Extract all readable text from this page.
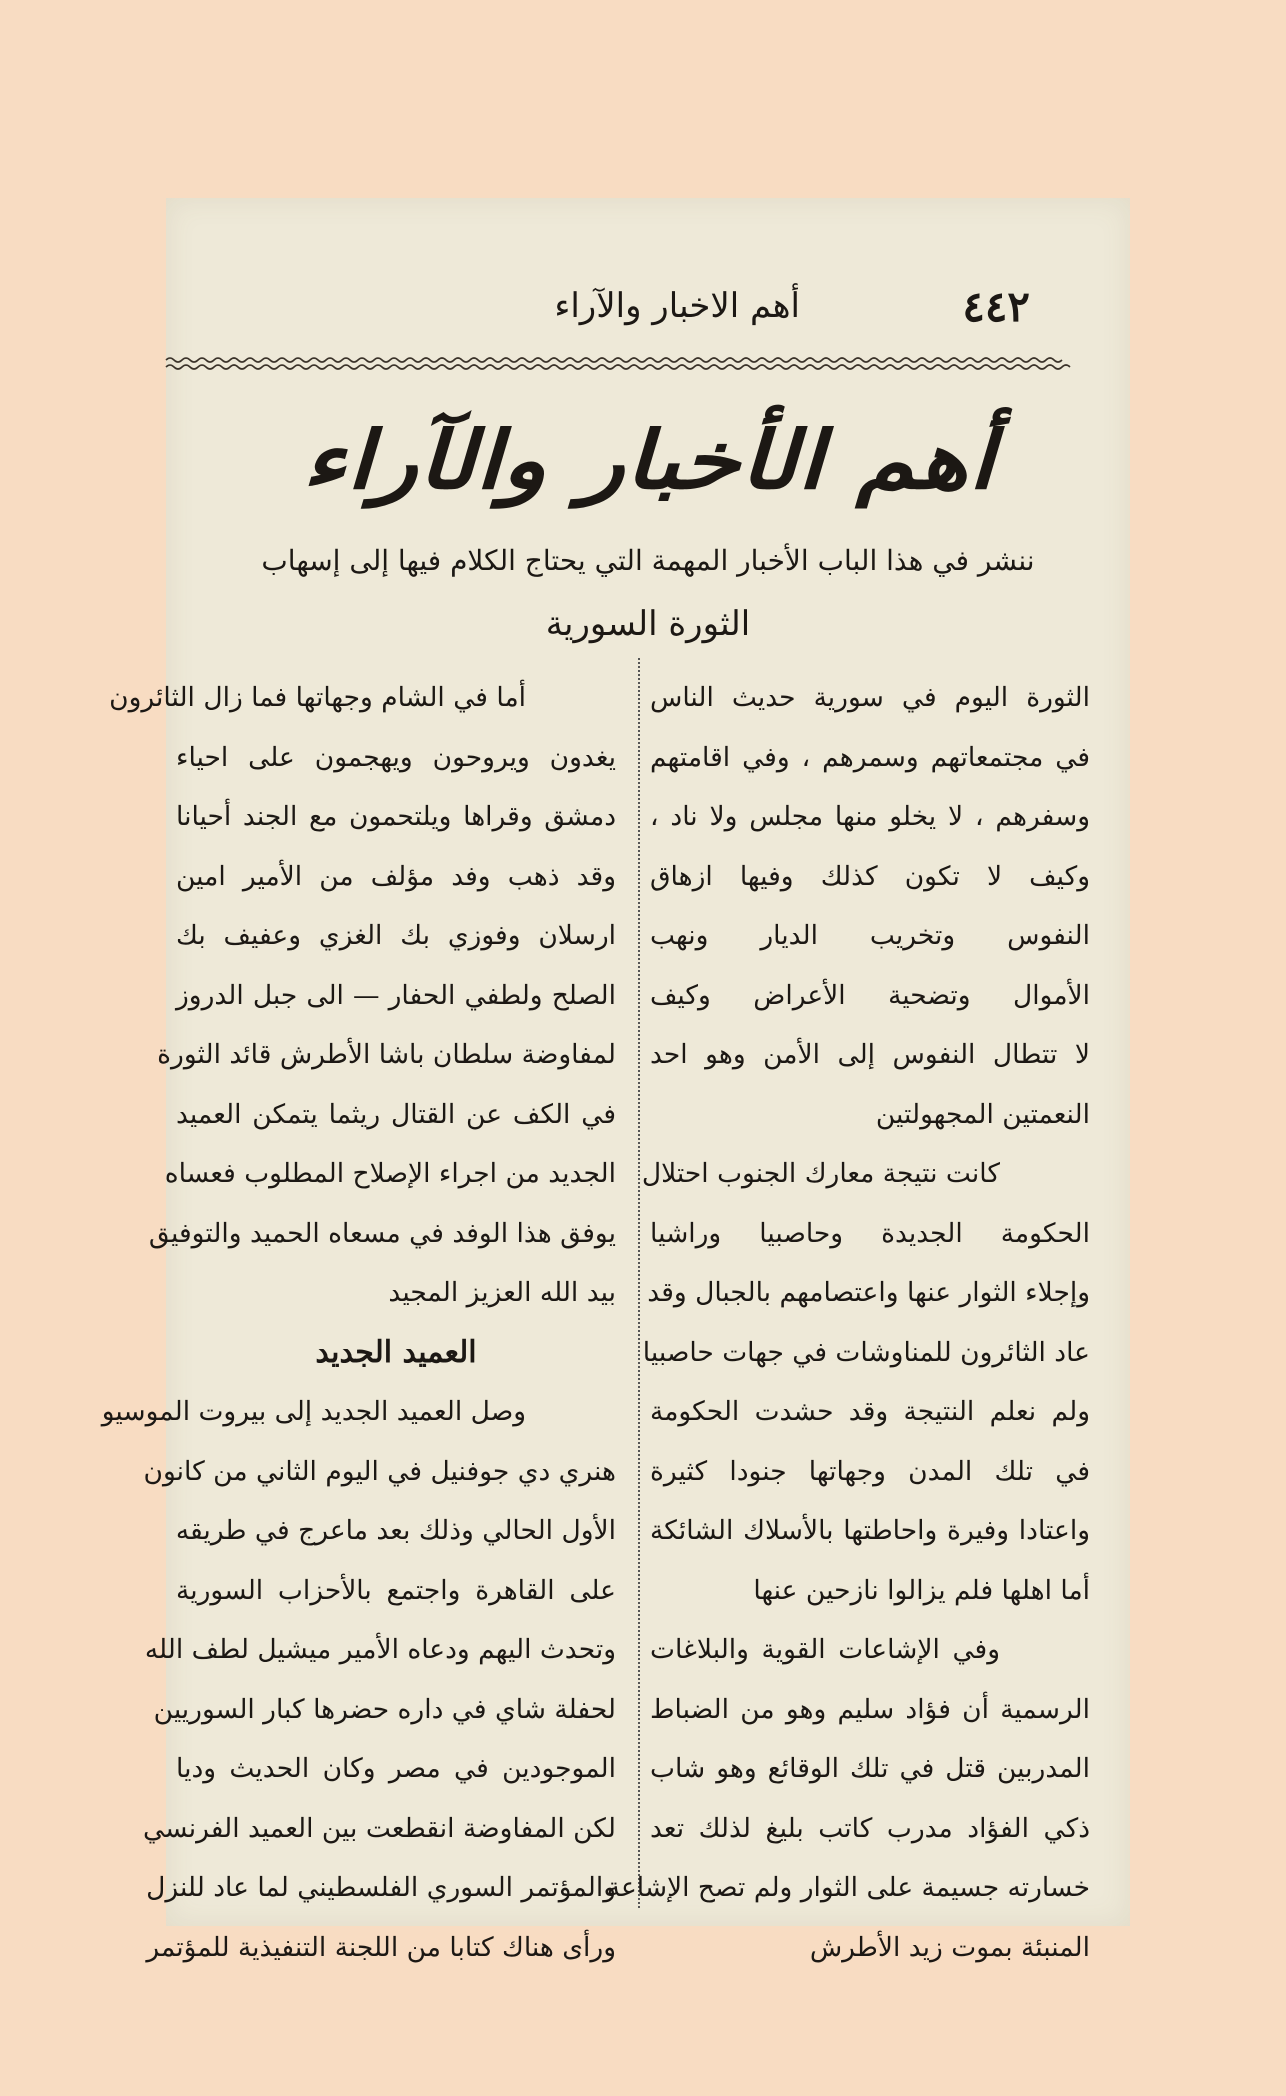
٤٤٢
أهم الاخبار والآراء
أهم الأخبار والآراء
ننشر في هذا الباب الأخبار المهمة التي يحتاج الكلام فيها إلى إسهاب
الثورة السورية
الثورة اليوم في سورية حديث الناس
في مجتمعاتهم وسمرهم ، وفي اقامتهم
وسفرهم ، لا يخلو منها مجلس ولا ناد ،
وكيف لا تكون كذلك وفيها ازهاق
النفوس وتخريب الديار ونهب
الأموال وتضحية الأعراض وكيف
لا تتطال النفوس إلى الأمن وهو احد
النعمتين المجهولتين
كانت نتيجة معارك الجنوب احتلال
الحكومة الجديدة وحاصبيا وراشيا
وإجلاء الثوار عنها واعتصامهم بالجبال وقد
عاد الثائرون للمناوشات في جهات حاصبيا
ولم نعلم النتيجة وقد حشدت الحكومة
في تلك المدن وجهاتها جنودا كثيرة
واعتادا وفيرة واحاطتها بالأسلاك الشائكة
أما اهلها فلم يزالوا نازحين عنها
وفي الإشاعات القوية والبلاغات
الرسمية أن فؤاد سليم وهو من الضباط
المدربين قتل في تلك الوقائع وهو شاب
ذكي الفؤاد مدرب كاتب بليغ لذلك تعد
خسارته جسيمة على الثوار ولم تصح الإشاعة
المنبئة بموت زيد الأطرش
أما في الشام وجهاتها فما زال الثائرون
يغدون ويروحون ويهجمون على احياء
دمشق وقراها ويلتحمون مع الجند أحيانا
وقد ذهب وفد مؤلف من الأمير امين
ارسلان وفوزي بك الغزي وعفيف بك
الصلح ولطفي الحفار — الى جبل الدروز
لمفاوضة سلطان باشا الأطرش قائد الثورة
في الكف عن القتال ريثما يتمكن العميد
الجديد من اجراء الإصلاح المطلوب فعساه
يوفق هذا الوفد في مسعاه الحميد والتوفيق
بيد الله العزيز المجيد
العميد الجديد
وصل العميد الجديد إلى بيروت الموسيو
هنري دي جوفنيل في اليوم الثاني من كانون
الأول الحالي وذلك بعد ماعرج في طريقه
على القاهرة واجتمع بالأحزاب السورية
وتحدث اليهم ودعاه الأمير ميشيل لطف الله
لحفلة شاي في داره حضرها كبار السوريين
الموجودين في مصر وكان الحديث وديا
لكن المفاوضة انقطعت بين العميد الفرنسي
والمؤتمر السوري الفلسطيني لما عاد للنزل
ورأى هناك كتابا من اللجنة التنفيذية للمؤتمر
